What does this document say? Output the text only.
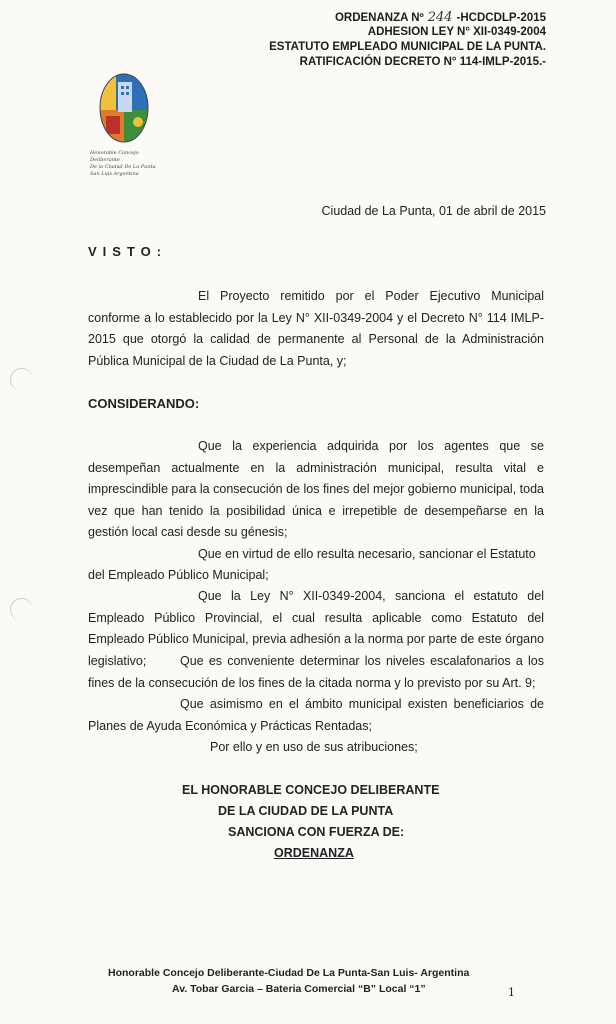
ORDENANZA Nº 244 -HCDCDLP-2015
ADHESION LEY N° XII-0349-2004
ESTATUTO EMPLEADO MUNICIPAL DE LA PUNTA.
RATIFICACIÓN DECRETO N° 114-IMLP-2015.-
Honorable Concejo Deliberante
De la Ciudad De La Punta
San Luis Argentina
Ciudad de La Punta, 01 de abril de 2015
VISTO:

El Proyecto remitido por el Poder Ejecutivo Municipal conforme a lo establecido por la Ley N° XII-0349-2004 y el Decreto N° 114 IMLP-2015 que otorgó la calidad de permanente al Personal de la Administración Pública Municipal de la Ciudad de La Punta, y;

CONSIDERANDO:

Que la experiencia adquirida por los agentes que se desempeñan actualmente en la administración municipal, resulta vital e imprescindible para la consecución de los fines del mejor gobierno municipal, toda vez que han tenido la posibilidad única e irrepetible de desempeñarse en la gestión local casi desde su génesis;

Que en virtud de ello resulta necesario, sancionar el Estatuto
del Empleado Público Municipal;

Que la Ley N° XII-0349-2004, sanciona el estatuto del Empleado Público Provincial, el cual resulta aplicable como Estatuto del Empleado Público Municipal, previa adhesión a la norma por parte de este órgano legislativo;	Que es conveniente determinar los niveles escalafonarios a los fines de la consecución de los fines de la citada norma y lo previsto por su Art. 9;

Que asimismo en el ámbito municipal existen beneficiarios de Planes de Ayuda Económica y Prácticas Rentadas;

Por ello y en uso de sus atribuciones;
EL HONORABLE CONCEJO DELIBERANTE
DE LA CIUDAD DE LA PUNTA
SANCIONA CON FUERZA DE:
ORDENANZA
Honorable Concejo Deliberante-Ciudad De La Punta-San Luis- Argentina
Av. Tobar Garcia – Bateria Comercial “B” Local “1”	1
